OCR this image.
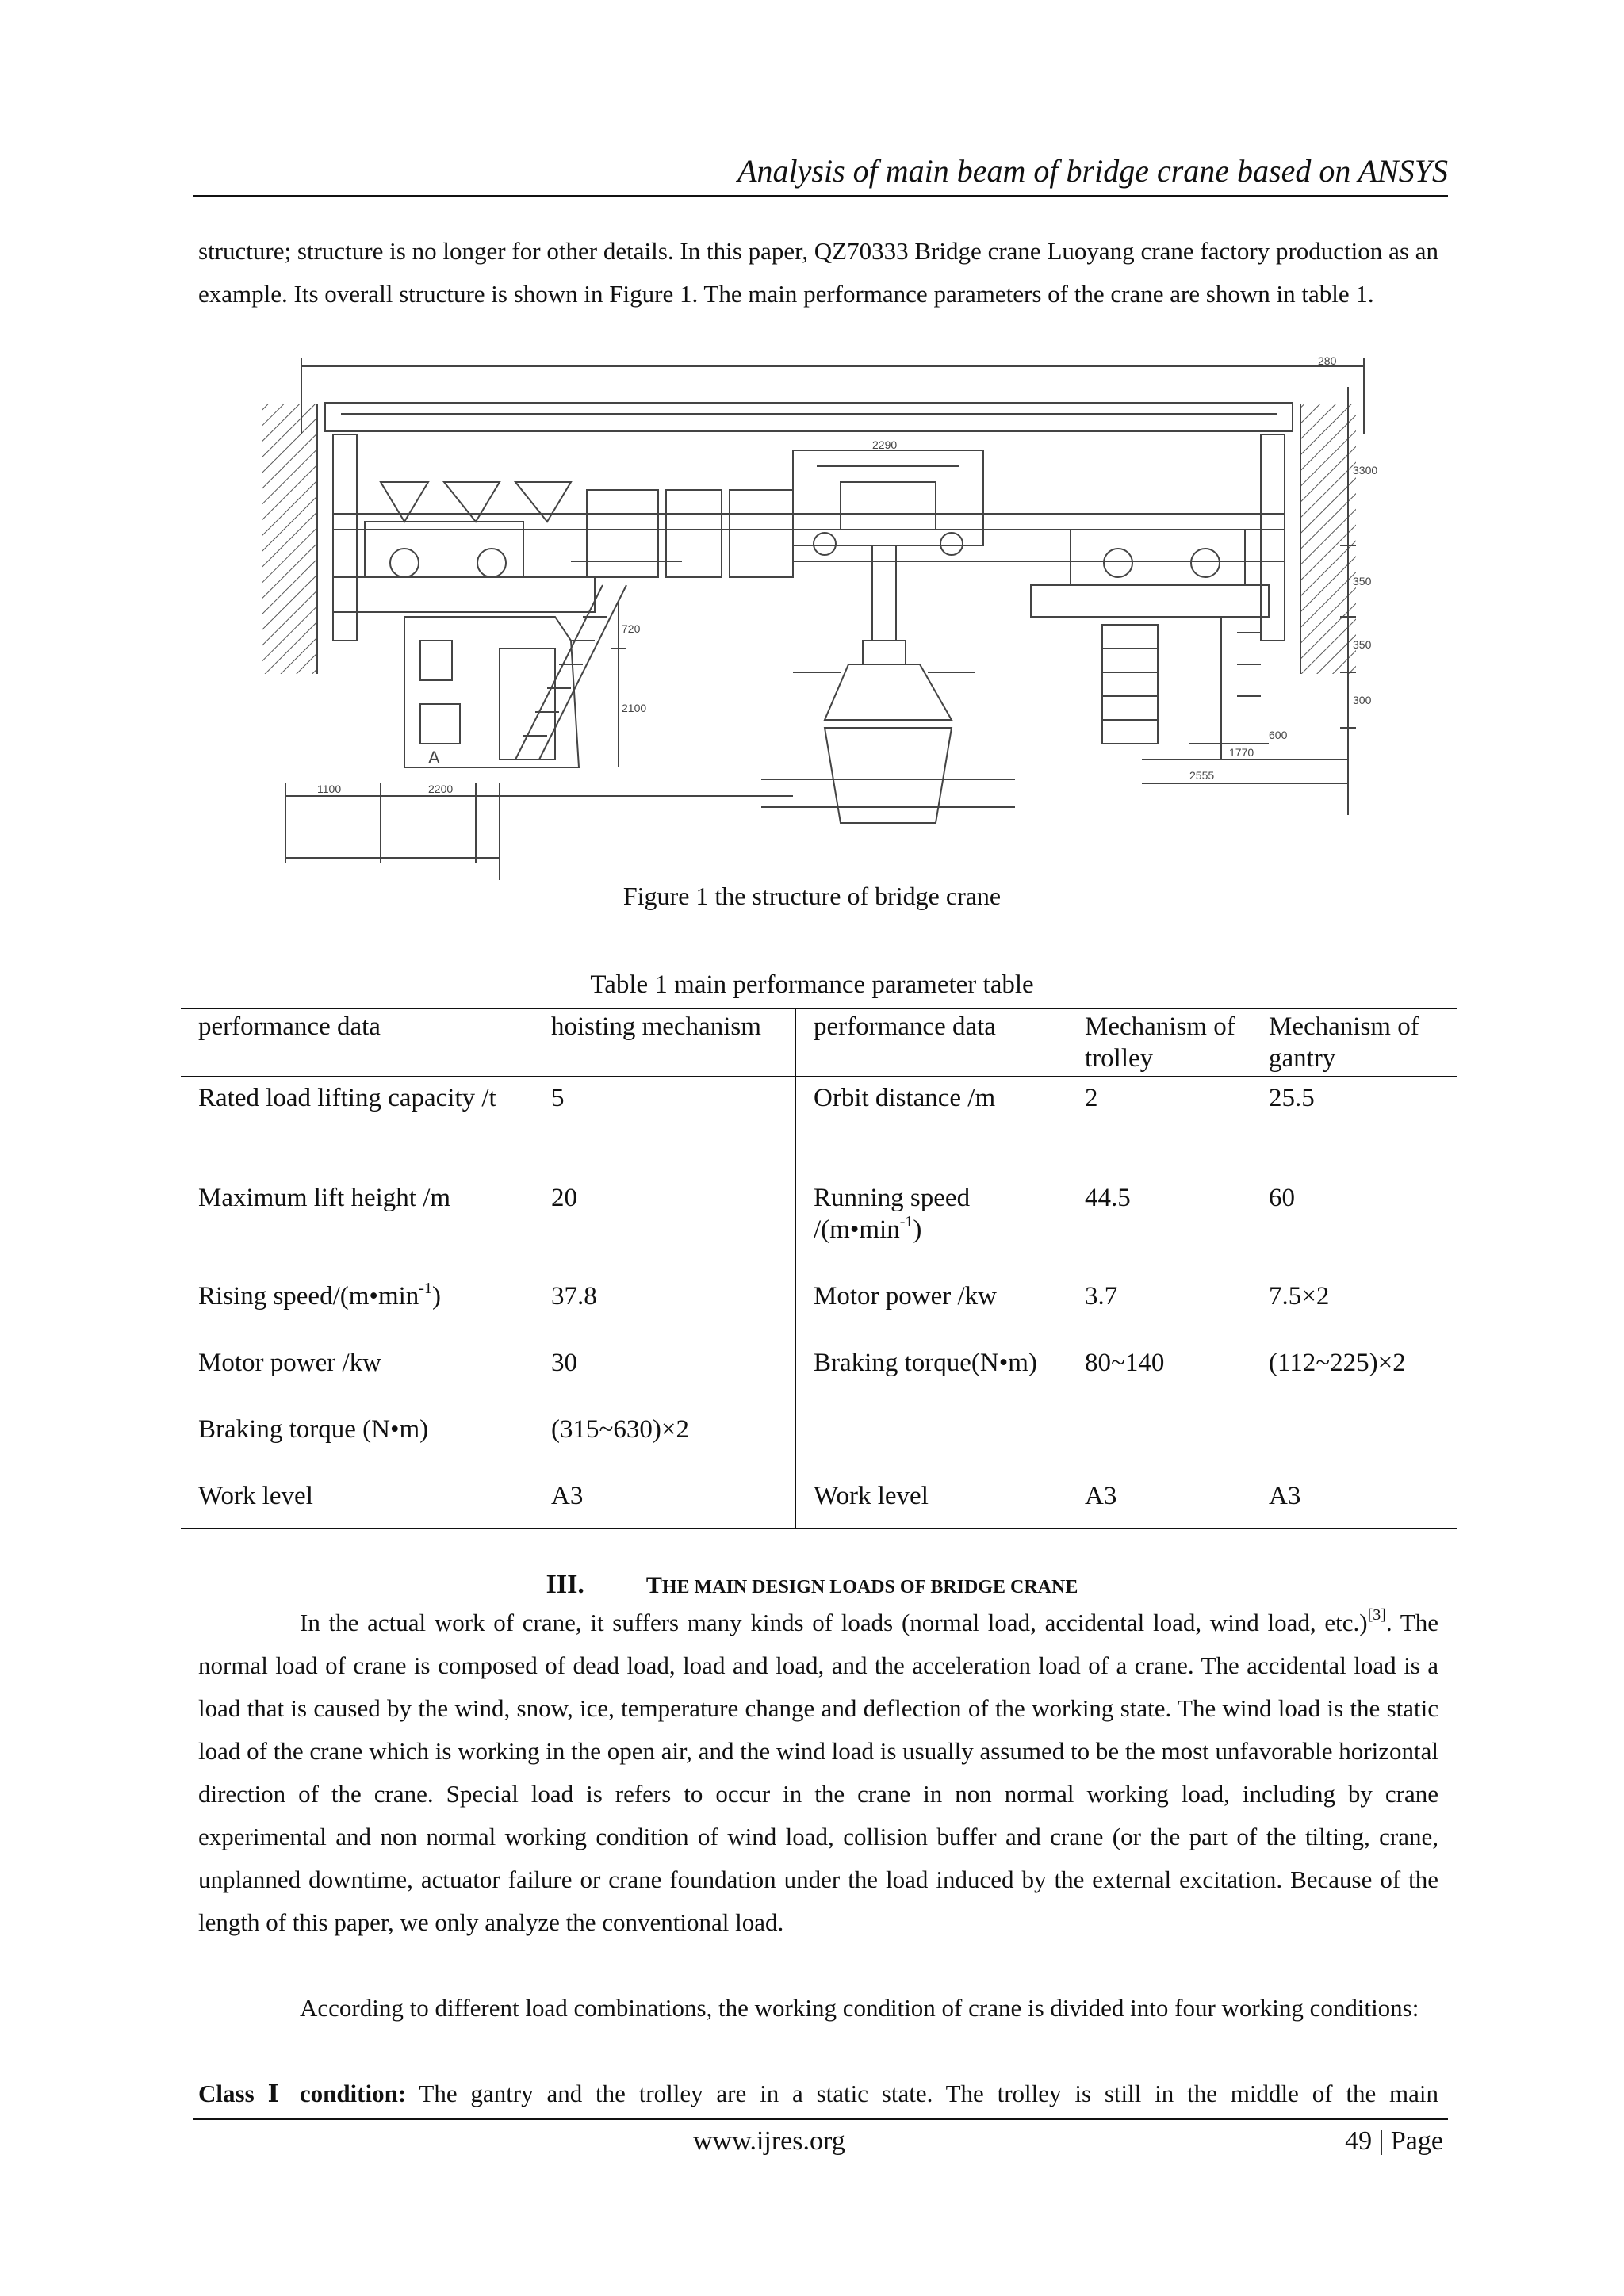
Analysis of main beam of bridge crane based on ANSYS

structure; structure is no longer for other details. In this paper, QZ70333 Bridge crane Luoyang crane factory production as an example. Its overall structure is shown in Figure 1. The main performance parameters of the crane are shown in table 1.

280
3300
2290
720
2100
350
350
300
600
1770
2555
1100	2200
A
Figure 1 the structure of bridge crane
Table 1 main performance parameter table
performance data	hoisting mechanism	performance data	Mechanism of trolley	Mechanism of gantry
Rated load lifting capacity /t	5	Orbit distance /m	2	25.5
Maximum lift height /m	20	Running speed $/(m•\min^{-1})$	44.5	60
Rising speed/$(m•\min^{-1})$	37.8	Motor power /kw	3.7	7.5×2
Motor power /kw	30	Braking torque(N•m)	80~140	(112~225)×2
Braking torque (N•m)	(315~630)×2			
Work level	A3	Work level	A3	A3
III.	THE MAIN DESIGN LOADS OF BRIDGE CRANE

In the actual work of crane, it suffers many kinds of loads (normal load, accidental load, wind load, etc.)[3]. The normal load of crane is composed of dead load, load and load, and the acceleration load of a crane. The accidental load is a load that is caused by the wind, snow, ice, temperature change and deflection of the working state. The wind load is the static load of the crane which is working in the open air, and the wind load is usually assumed to be the most unfavorable horizontal direction of the crane. Special load is refers to occur in the crane in non normal working load, including by crane experimental and non normal working condition of wind load, collision buffer and crane (or the part of the tilting, crane, unplanned downtime, actuator failure or crane foundation under the load induced by the external excitation. Because of the length of this paper, we only analyze the conventional load.

According to different load combinations, the working condition of crane is divided into four working conditions:

Class Ⅰ condition: The gantry and the trolley are in a static state. The trolley is still in the middle of the main

www.ijres.org	49 | Page
